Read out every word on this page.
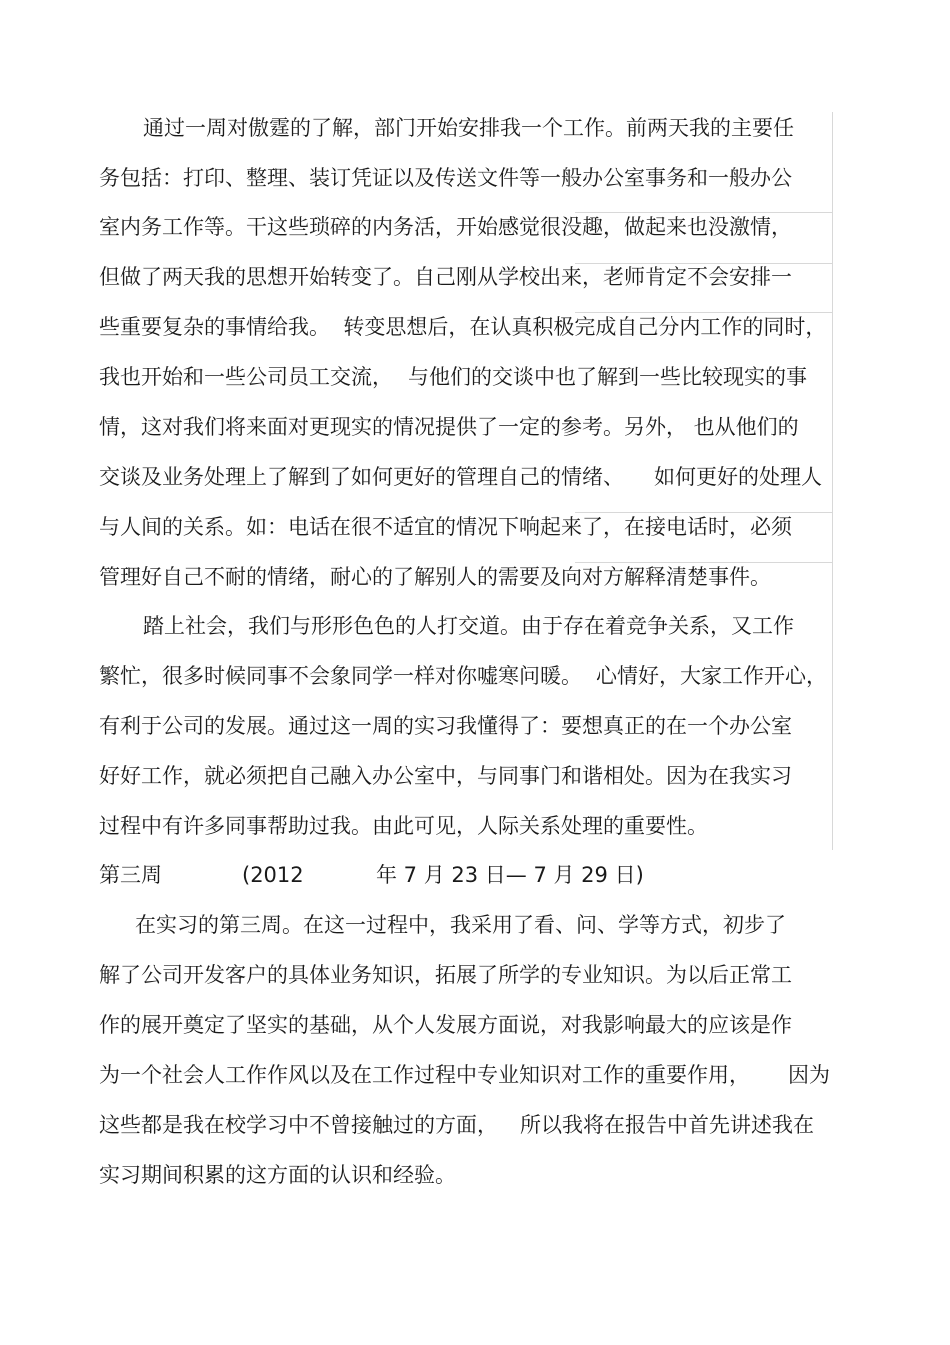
通过一周对傲霆的了解，部门开始安排我一个工作。前两天我的主要任
务包括：打印、整理、装订凭证以及传送文件等一般办公室事务和一般办公
室内务工作等。干这些琐碎的内务活，开始感觉很没趣，做起来也没激情，
但做了两天我的思想开始转变了。自己刚从学校出来，老师肯定不会安排一
些重要复杂的事情给我。  转变思想后，在认真积极完成自己分内工作的同时，
我也开始和一些公司员工交流， 与他们的交谈中也了解到一些比较现实的事
情，这对我们将来面对更现实的情况提供了一定的参考。另外， 也从他们的
交谈及业务处理上了解到了如何更好的管理自己的情绪、 如何更好的处理人
与人间的关系。如：电话在很不适宜的情况下响起来了，在接电话时，必须
管理好自己不耐的情绪，耐心的了解别人的需要及向对方解释清楚事件。
踏上社会，我们与形形色色的人打交道。由于存在着竞争关系，又工作
繁忙，很多时候同事不会象同学一样对你嘘寒问暖。 心情好，大家工作开心，
有利于公司的发展。通过这一周的实习我懂得了：要想真正的在一个办公室
好好工作，就必须把自己融入办公室中，与同事门和谐相处。因为在我实习
过程中有许多同事帮助过我。由此可见，人际关系处理的重要性。
第三周	(2012	年 7 月 23 日— 7 月 29 日)
在实习的第三周。在这一过程中，我采用了看、问、学等方式，初步了
解了公司开发客户的具体业务知识，拓展了所学的专业知识。为以后正常工
作的展开奠定了坚实的基础，从个人发展方面说，对我影响最大的应该是作
为一个社会人工作作风以及在工作过程中专业知识对工作的重要作用， 因为
这些都是我在校学习中不曾接触过的方面， 所以我将在报告中首先讲述我在
实习期间积累的这方面的认识和经验。
